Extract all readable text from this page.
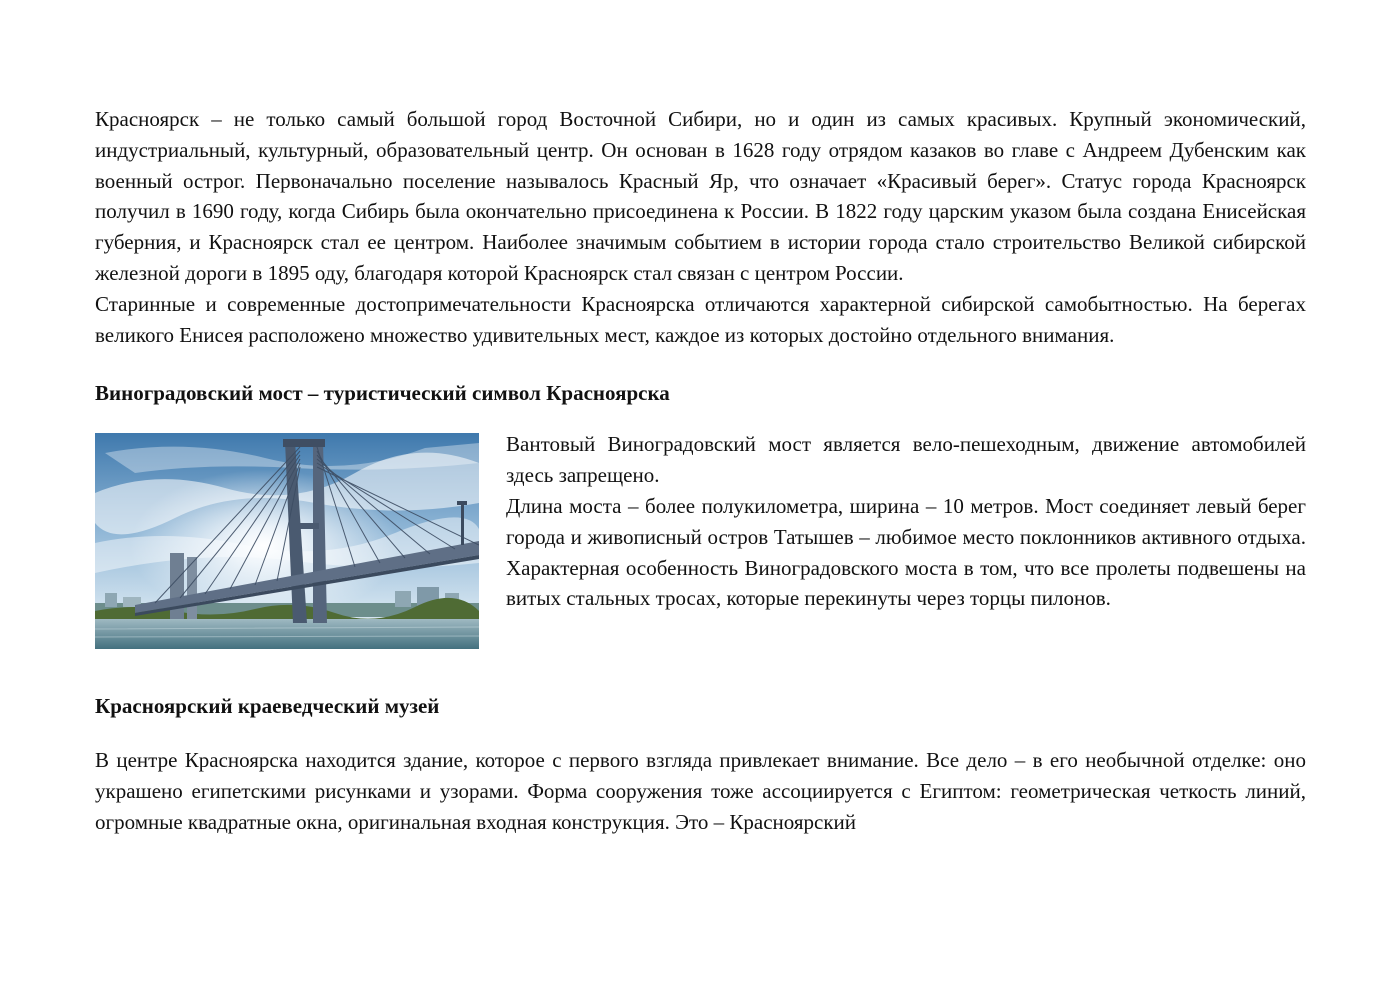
Красноярск – не только самый большой город Восточной Сибири, но и один из самых красивых. Крупный экономический, индустриальный, культурный, образовательный центр. Он основан в 1628 году отрядом казаков во главе с Андреем Дубенским как военный острог. Первоначально поселение называлось Красный Яр, что означает «Красивый берег». Статус города Красноярск получил в 1690 году, когда Сибирь была окончательно присоединена к России. В 1822 году царским указом была создана Енисейская губерния, и Красноярск стал ее центром. Наиболее значимым событием в истории города стало строительство Великой сибирской железной дороги в 1895 оду, благодаря которой Красноярск стал связан с центром России.

Старинные и современные достопримечательности Красноярска отличаются характерной сибирской самобытностью. На берегах великого Енисея расположено множество удивительных мест, каждое из которых достойно отдельного внимания.

Виноградовский мост – туристический символ Красноярска

Вантовый Виноградовский мост является вело-пешеходным, движение автомобилей здесь запрещено.

Длина моста – более полукилометра, ширина – 10 метров. Мост соединяет левый берег города и живописный остров Татышев – любимое место поклонников активного отдыха. Характерная особенность Виноградовского моста в том, что все пролеты подвешены на витых стальных тросах, которые перекинуты через торцы пилонов.

Красноярский краеведческий музей

В центре Красноярска находится здание, которое с первого взгляда привлекает внимание. Все дело – в его необычной отделке: оно украшено египетскими рисунками и узорами. Форма сооружения тоже ассоциируется с Египтом: геометрическая четкость линий, огромные квадратные окна, оригинальная входная конструкция. Это – Красноярский
